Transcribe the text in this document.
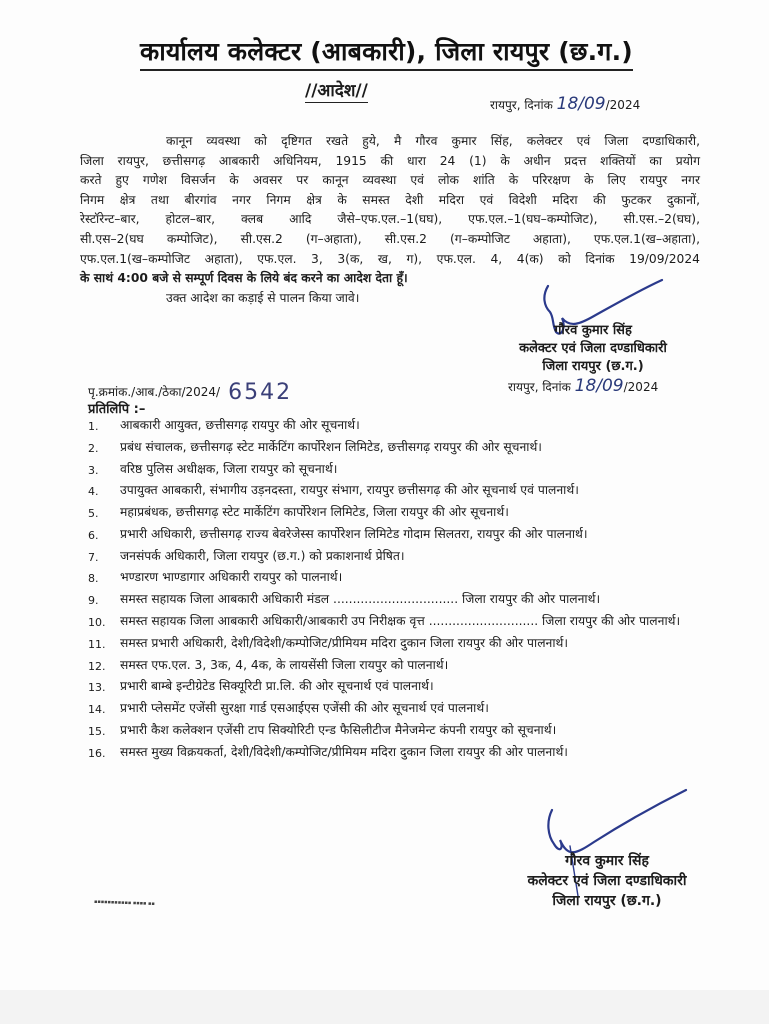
कार्यालय कलेक्टर (आबकारी), जिला रायपुर (छ.ग.)
//आदेश//
रायपुर, दिनांक 18/09/2024
कानून व्यवस्था को दृष्टिगत रखते हुये, मै गौरव कुमार सिंह, कलेक्टर एवं जिला दण्डाधिकारी,
जिला रायपुर, छत्तीसगढ़ आबकारी अधिनियम, 1915 की धारा 24 (1) के अधीन प्रदत्त शक्तियों का प्रयोग
करते हुए गणेश विसर्जन के अवसर पर कानून व्यवस्था एवं लोक शांति के परिरक्षण के लिए रायपुर नगर
निगम क्षेत्र तथा बीरगांव नगर निगम क्षेत्र के समस्त देशी मदिरा एवं विदेशी मदिरा की फुटकर दुकानों,
रेस्टॉरेन्ट–बार, होटल–बार, क्लब आदि जैसे–एफ.एल.–1(घघ), एफ.एल.–1(घघ–कम्पोजिट), सी.एस.–2(घघ),
सी.एस–2(घघ कम्पोजिट), सी.एस.2 (ग–अहाता), सी.एस.2 (ग–कम्पोजिट अहाता), एफ.एल.1(ख–अहाता),
एफ.एल.1(ख–कम्पोजिट अहाता), एफ.एल. 3, 3(क, ख, ग), एफ.एल. 4, 4(क) को दिनांक 19/09/2024
के साथं 4:00 बजे से सम्पूर्ण दिवस के लिये बंद करने का आदेश देता हूँ।
उक्त आदेश का कड़ाई से पालन किया जावे।
गौरव कुमार सिंह
कलेक्टर एवं जिला दण्डाधिकारी
जिला रायपुर (छ.ग.)
पृ.क्रमांक./आब./ठेका/2024/ 6542	रायपुर, दिनांक 18/09/2024
प्रतिलिपि :–
1.	आबकारी आयुक्त, छत्तीसगढ़ रायपुर की ओर सूचनार्थ।
2.	प्रबंध संचालक, छत्तीसगढ़ स्टेट मार्केटिंग कार्पोरेशन लिमिटेड, छत्तीसगढ़ रायपुर की ओर सूचनार्थ।
3.	वरिष्ठ पुलिस अधीक्षक, जिला रायपुर को सूचनार्थ।
4.	उपायुक्त आबकारी, संभागीय उड़नदस्ता, रायपुर संभाग, रायपुर छत्तीसगढ़ की ओर सूचनार्थ एवं पालनार्थ।
5.	महाप्रबंधक, छत्तीसगढ़ स्टेट मार्केटिंग कार्पोरेशन लिमिटेड, जिला रायपुर की ओर सूचनार्थ।
6.	प्रभारी अधिकारी, छत्तीसगढ़ राज्य बेवरेजेस्स कार्पोरेशन लिमिटेड गोदाम सिलतरा, रायपुर की ओर पालनार्थ।
7.	जनसंपर्क अधिकारी, जिला रायपुर (छ.ग.) को प्रकाशनार्थ प्रेषित।
8.	भण्डारण भाण्डागार अधिकारी रायपुर को पालनार्थ।
9.	समस्त सहायक जिला आबकारी अधिकारी मंडल ................................ जिला रायपुर की ओर पालनार्थ।
10.	समस्त सहायक जिला आबकारी अधिकारी/आबकारी उप निरीक्षक वृत्त ............................ जिला रायपुर की ओर पालनार्थ।
11.	समस्त प्रभारी अधिकारी, देशी/विदेशी/कम्पोजिट/प्रीमियम मदिरा दुकान जिला रायपुर की ओर पालनार्थ।
12.	समस्त एफ.एल. 3, 3क, 4, 4क, के लायसेंसी जिला रायपुर को पालनार्थ।
13.	प्रभारी बाम्बे इन्टीग्रेटेड सिक्यूरिटी प्रा.लि. की ओर सूचनार्थ एवं पालनार्थ।
14.	प्रभारी प्लेसमेंट एजेंसी सुरक्षा गार्ड एसआईएस एजेंसी की ओर सूचनार्थ एवं पालनार्थ।
15.	प्रभारी कैश कलेक्शन एजेंसी टाप सिक्योरिटी एन्ड फैसिलीटीज मैनेजमेन्ट कंपनी रायपुर को सूचनार्थ।
16.	समस्त मुख्य विक्रयकर्ता, देशी/विदेशी/कम्पोजिट/प्रीमियम मदिरा दुकान जिला रायपुर की ओर पालनार्थ।
गौरव कुमार सिंह
कलेक्टर एवं जिला दण्डाधिकारी
जिला रायपुर (छ.ग.)
▪▪▪▪▪▪▪▪▪▪▪ ▪▪▪▪ ▪▪
